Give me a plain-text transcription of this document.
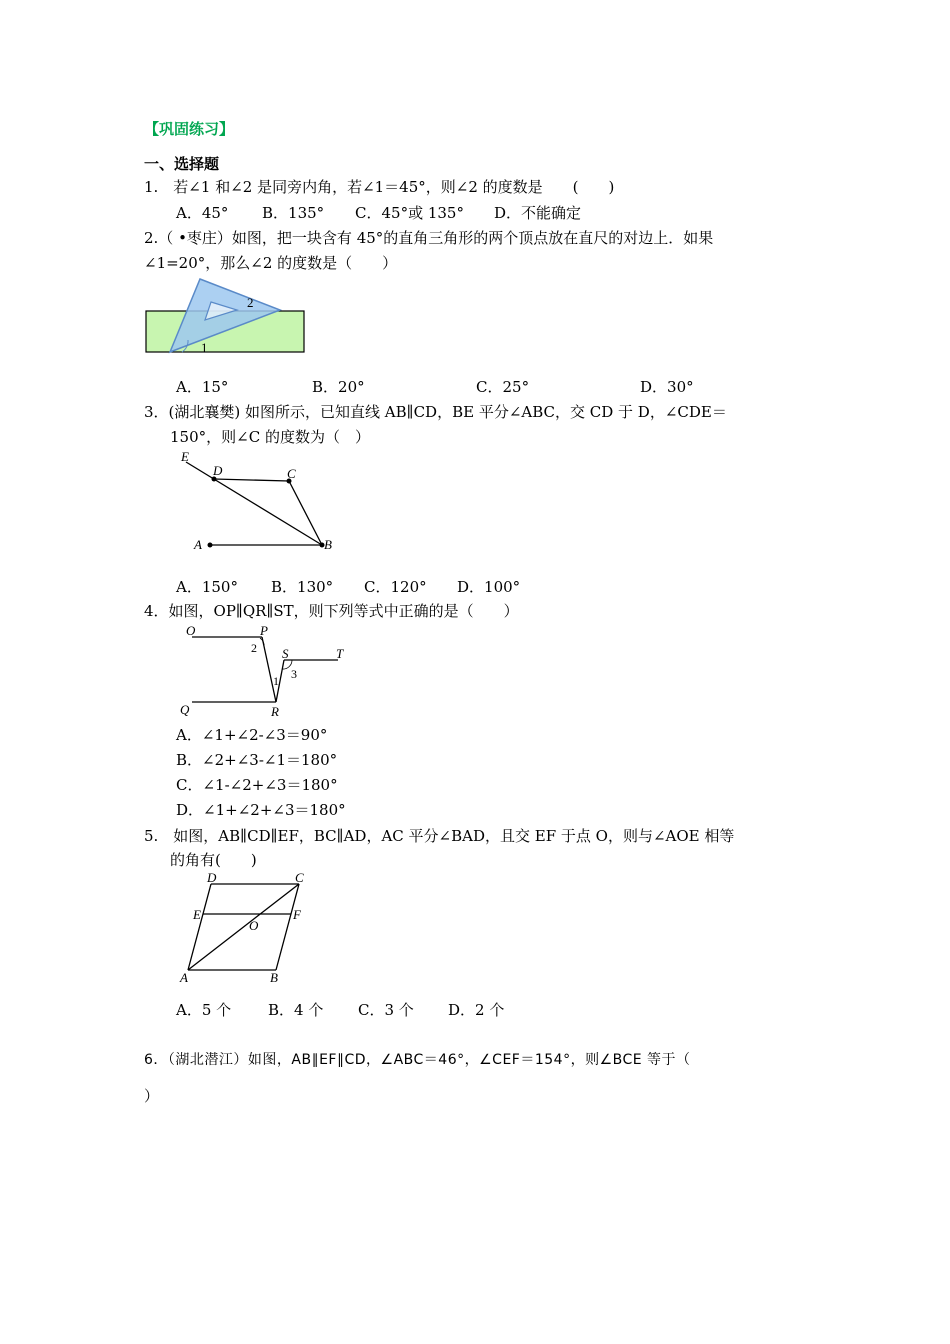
【巩固练习】
一、选择题
1.　若∠1 和∠2 是同旁内角，若∠1＝45°，则∠2 的度数是　　(　　)
A．45° B．135° C．45°或 135° D．不能确定
2.（ •枣庄）如图，把一块含有 45°的直角三角形的两个顶点放在直尺的对边上．如果
∠1=20°，那么∠2 的度数是（　　）
1
2
A．15°	B．20°	C．25°	D．30°
3．(湖北襄樊) 如图所示，已知直线 AB∥CD，BE 平分∠ABC，交 CD 于 D，∠CDE＝
150°，则∠C 的度数为（　）
E
D	C
A	B
A．150° B．130° C．120° D．100°
4．如图，OP∥QR∥ST，则下列等式中正确的是（　　）
O	P
S	T
Q	R
2
1 3
A．∠1+∠2-∠3＝90°
B．∠2+∠3-∠1＝180°
C．∠1-∠2+∠3＝180°
D．∠1+∠2+∠3＝180°
5.　如图，AB∥CD∥EF，BC∥AD，AC 平分∠BAD，且交 EF 于点 O，则与∠AOE 相等
的角有(　　)
D	C
E	F
O
A	B
A．5 个 B．4 个 C．3 个 D．2 个
6．（湖北潜江）如图，AB∥EF∥CD，∠ABC＝46°，∠CEF＝154°，则∠BCE 等于（
）
